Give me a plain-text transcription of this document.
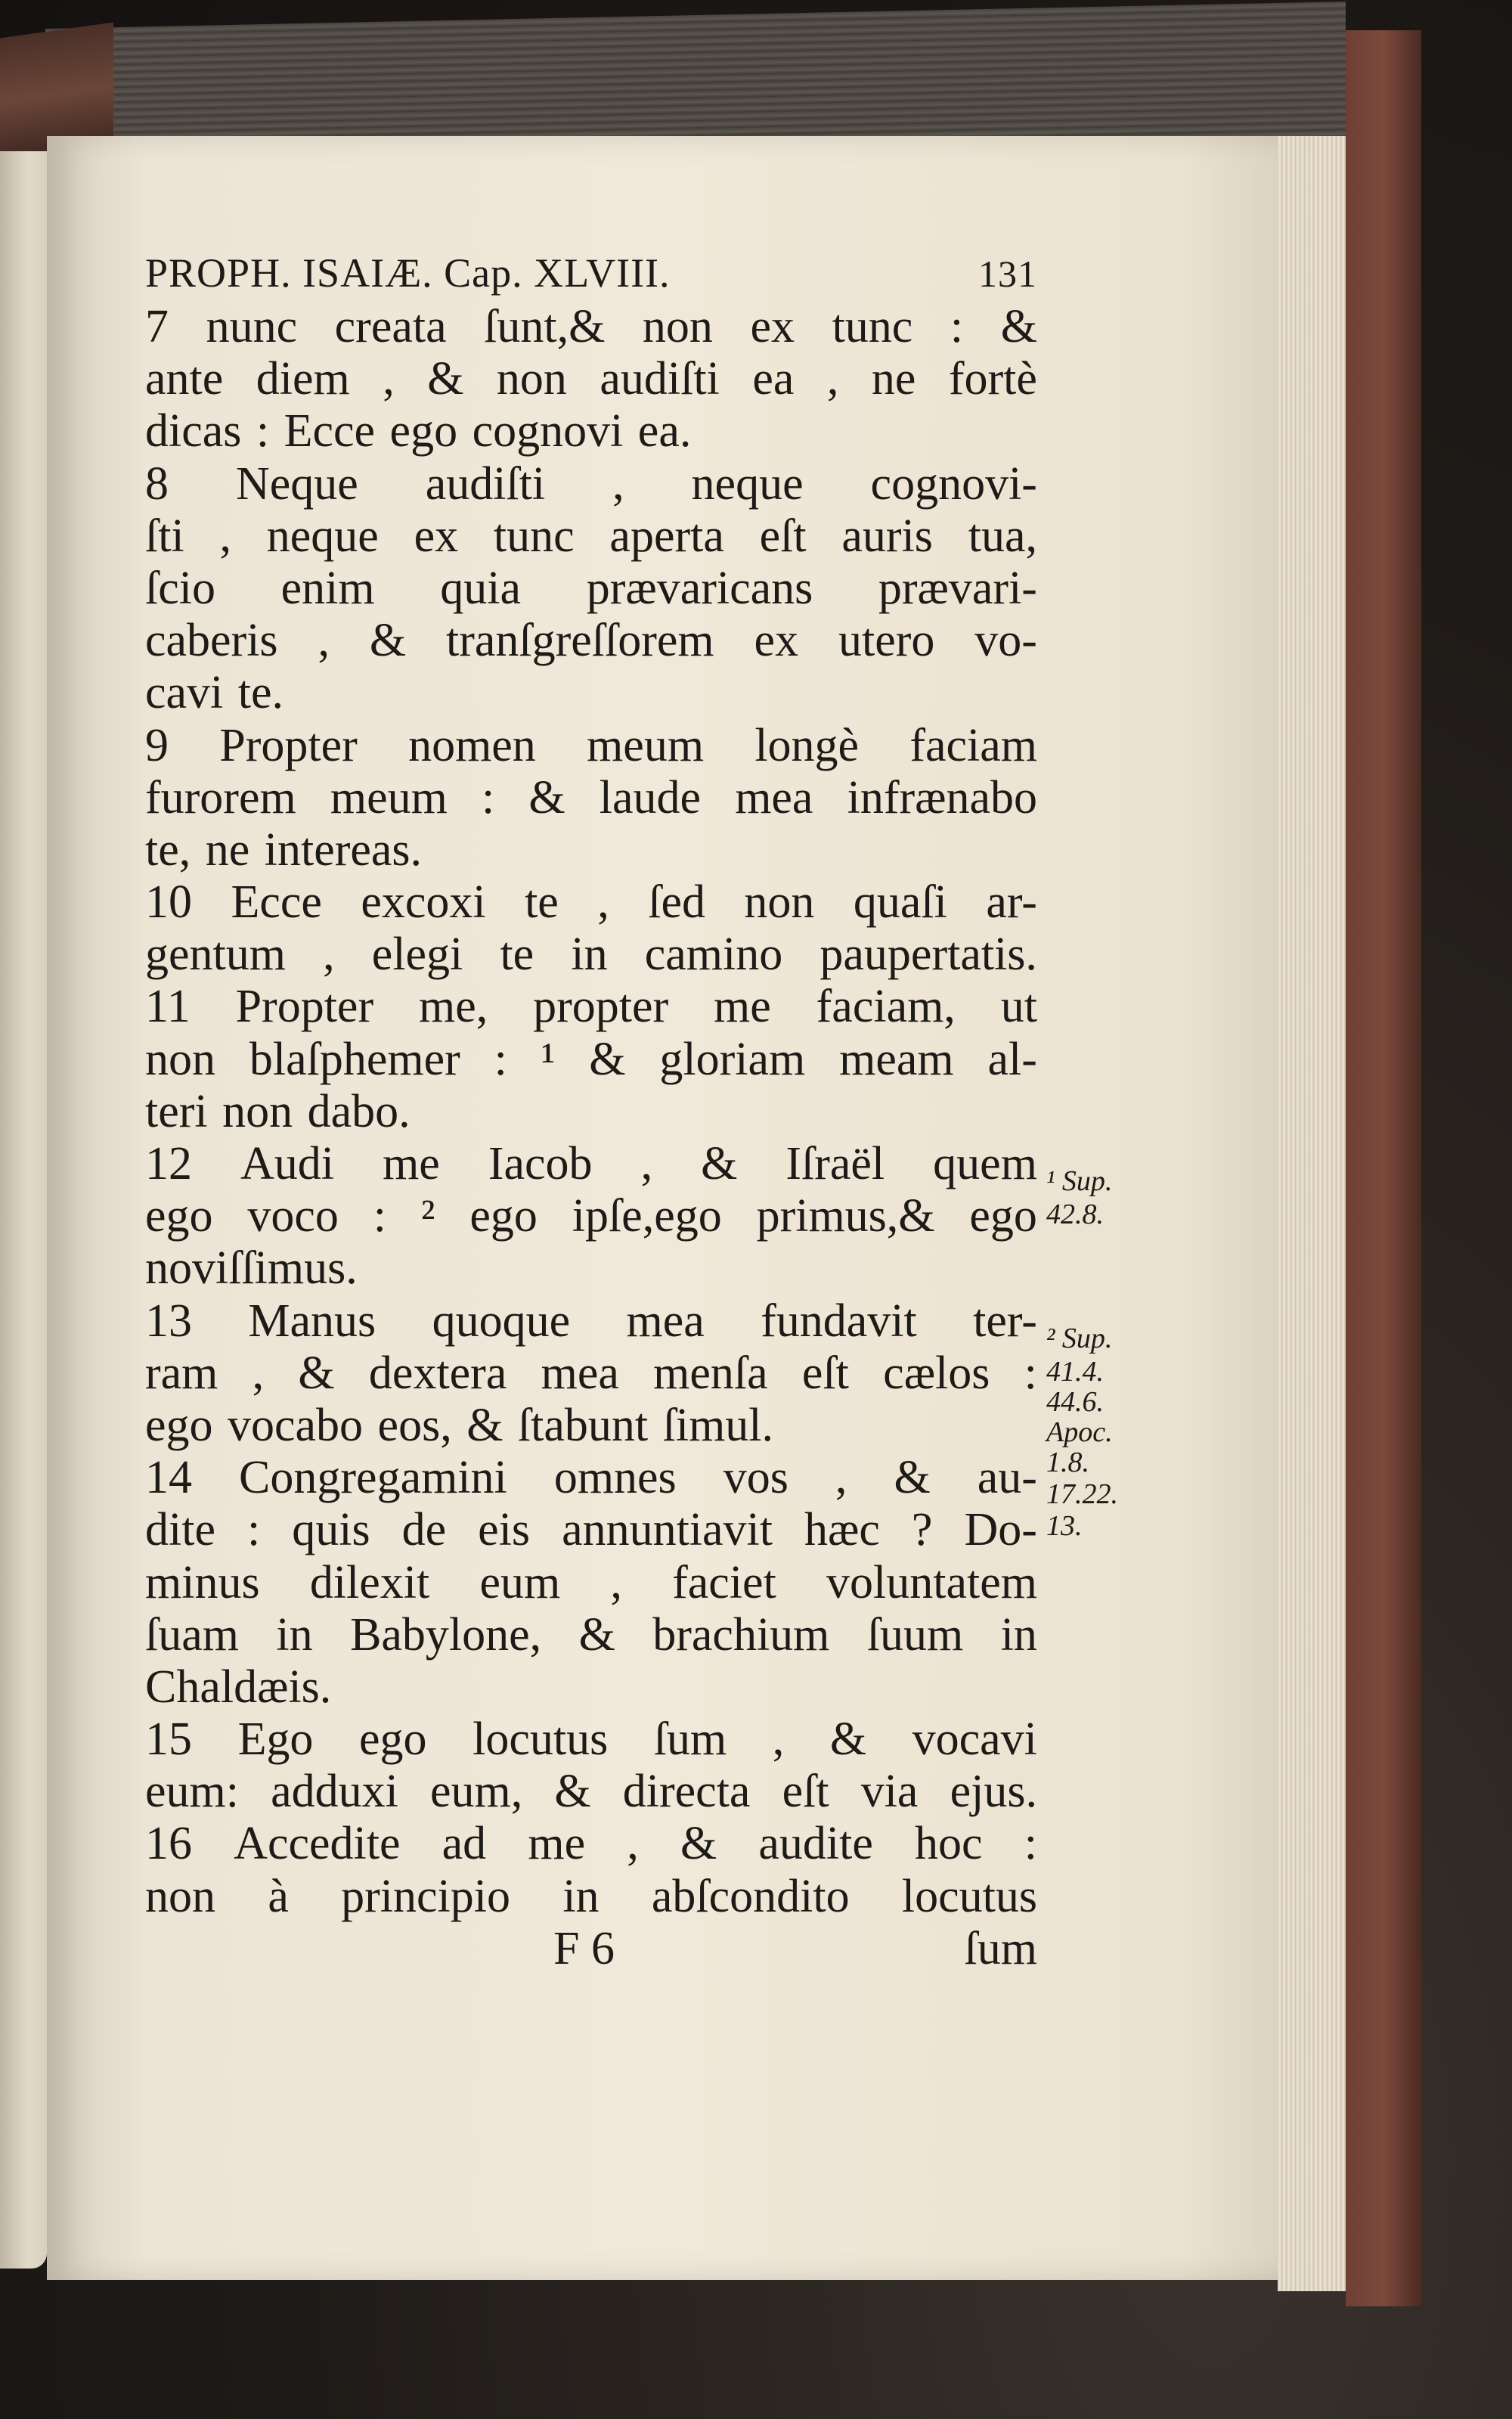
PROPH. ISAIÆ. Cap. XLVIII.	131
7 nunc creata ſunt,& non ex tunc : &
ante diem , & non audiſti ea , ne fortè
dicas : Ecce ego cognovi ea.
8 Neque audiſti , neque cognovi-
ſti , neque ex tunc aperta eſt auris tua,
ſcio enim quia prævaricans prævari-
caberis , & tranſgreſſorem ex utero vo-
cavi te.
9 Propter nomen meum longè faciam
furorem meum : & laude mea infrænabo
te, ne intereas.
10 Ecce excoxi te , ſed non quaſi ar-
gentum , elegi te in camino paupertatis.
11 Propter me, propter me faciam, ut
non blaſphemer : ¹ & gloriam meam al-
teri non dabo.
12 Audi me Iacob , & Iſraël quem
ego voco : ² ego ipſe,ego primus,& ego
noviſſimus.
13 Manus quoque mea fundavit ter-
ram , & dextera mea menſa eſt cælos :
ego vocabo eos, & ſtabunt ſimul.
14 Congregamini omnes vos , & au-
dite : quis de eis annuntiavit hæc ? Do-
minus dilexit eum , faciet voluntatem
ſuam in Babylone, & brachium ſuum in
Chaldæis.
15 Ego ego locutus ſum , & vocavi
eum: adduxi eum, & directa eſt via ejus.
16 Accedite ad me , & audite hoc :
non à principio in abſcondito locutus
F 6	ſum
¹ Sup.
42.8.
² Sup.
41.4.
44.6.
Apoc.
1.8.
17.22.
13.
